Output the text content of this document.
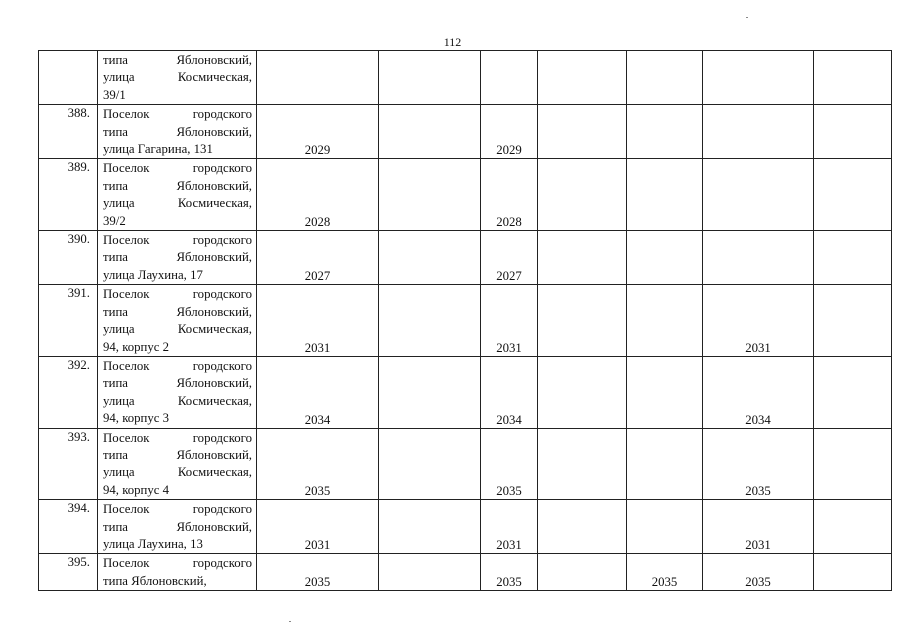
112

	типа Яблоновский,
улица Космическая,
39/1								

388.	Поселок городского
типа Яблоновский,
улица Гагарина, 131	2029		2029					
389.	Поселок городского
типа Яблоновский,
улица Космическая,
39/2	2028		2028					
390.	Поселок городского
типа Яблоновский,
улица Лаухина, 17	2027		2027					
391.	Поселок городского
типа Яблоновский,
улица Космическая,
94, корпус 2	2031		2031			2031		
392.	Поселок городского
типа Яблоновский,
улица Космическая,
94, корпус 3	2034		2034			2034		
393.	Поселок городского
типа Яблоновский,
улица Космическая,
94, корпус 4	2035		2035			2035		
394.	Поселок городского
типа Яблоновский,
улица Лаухина, 13	2031		2031			2031		
395.	Поселок городского
типа Яблоновский,	2035		2035		2035	2035		
